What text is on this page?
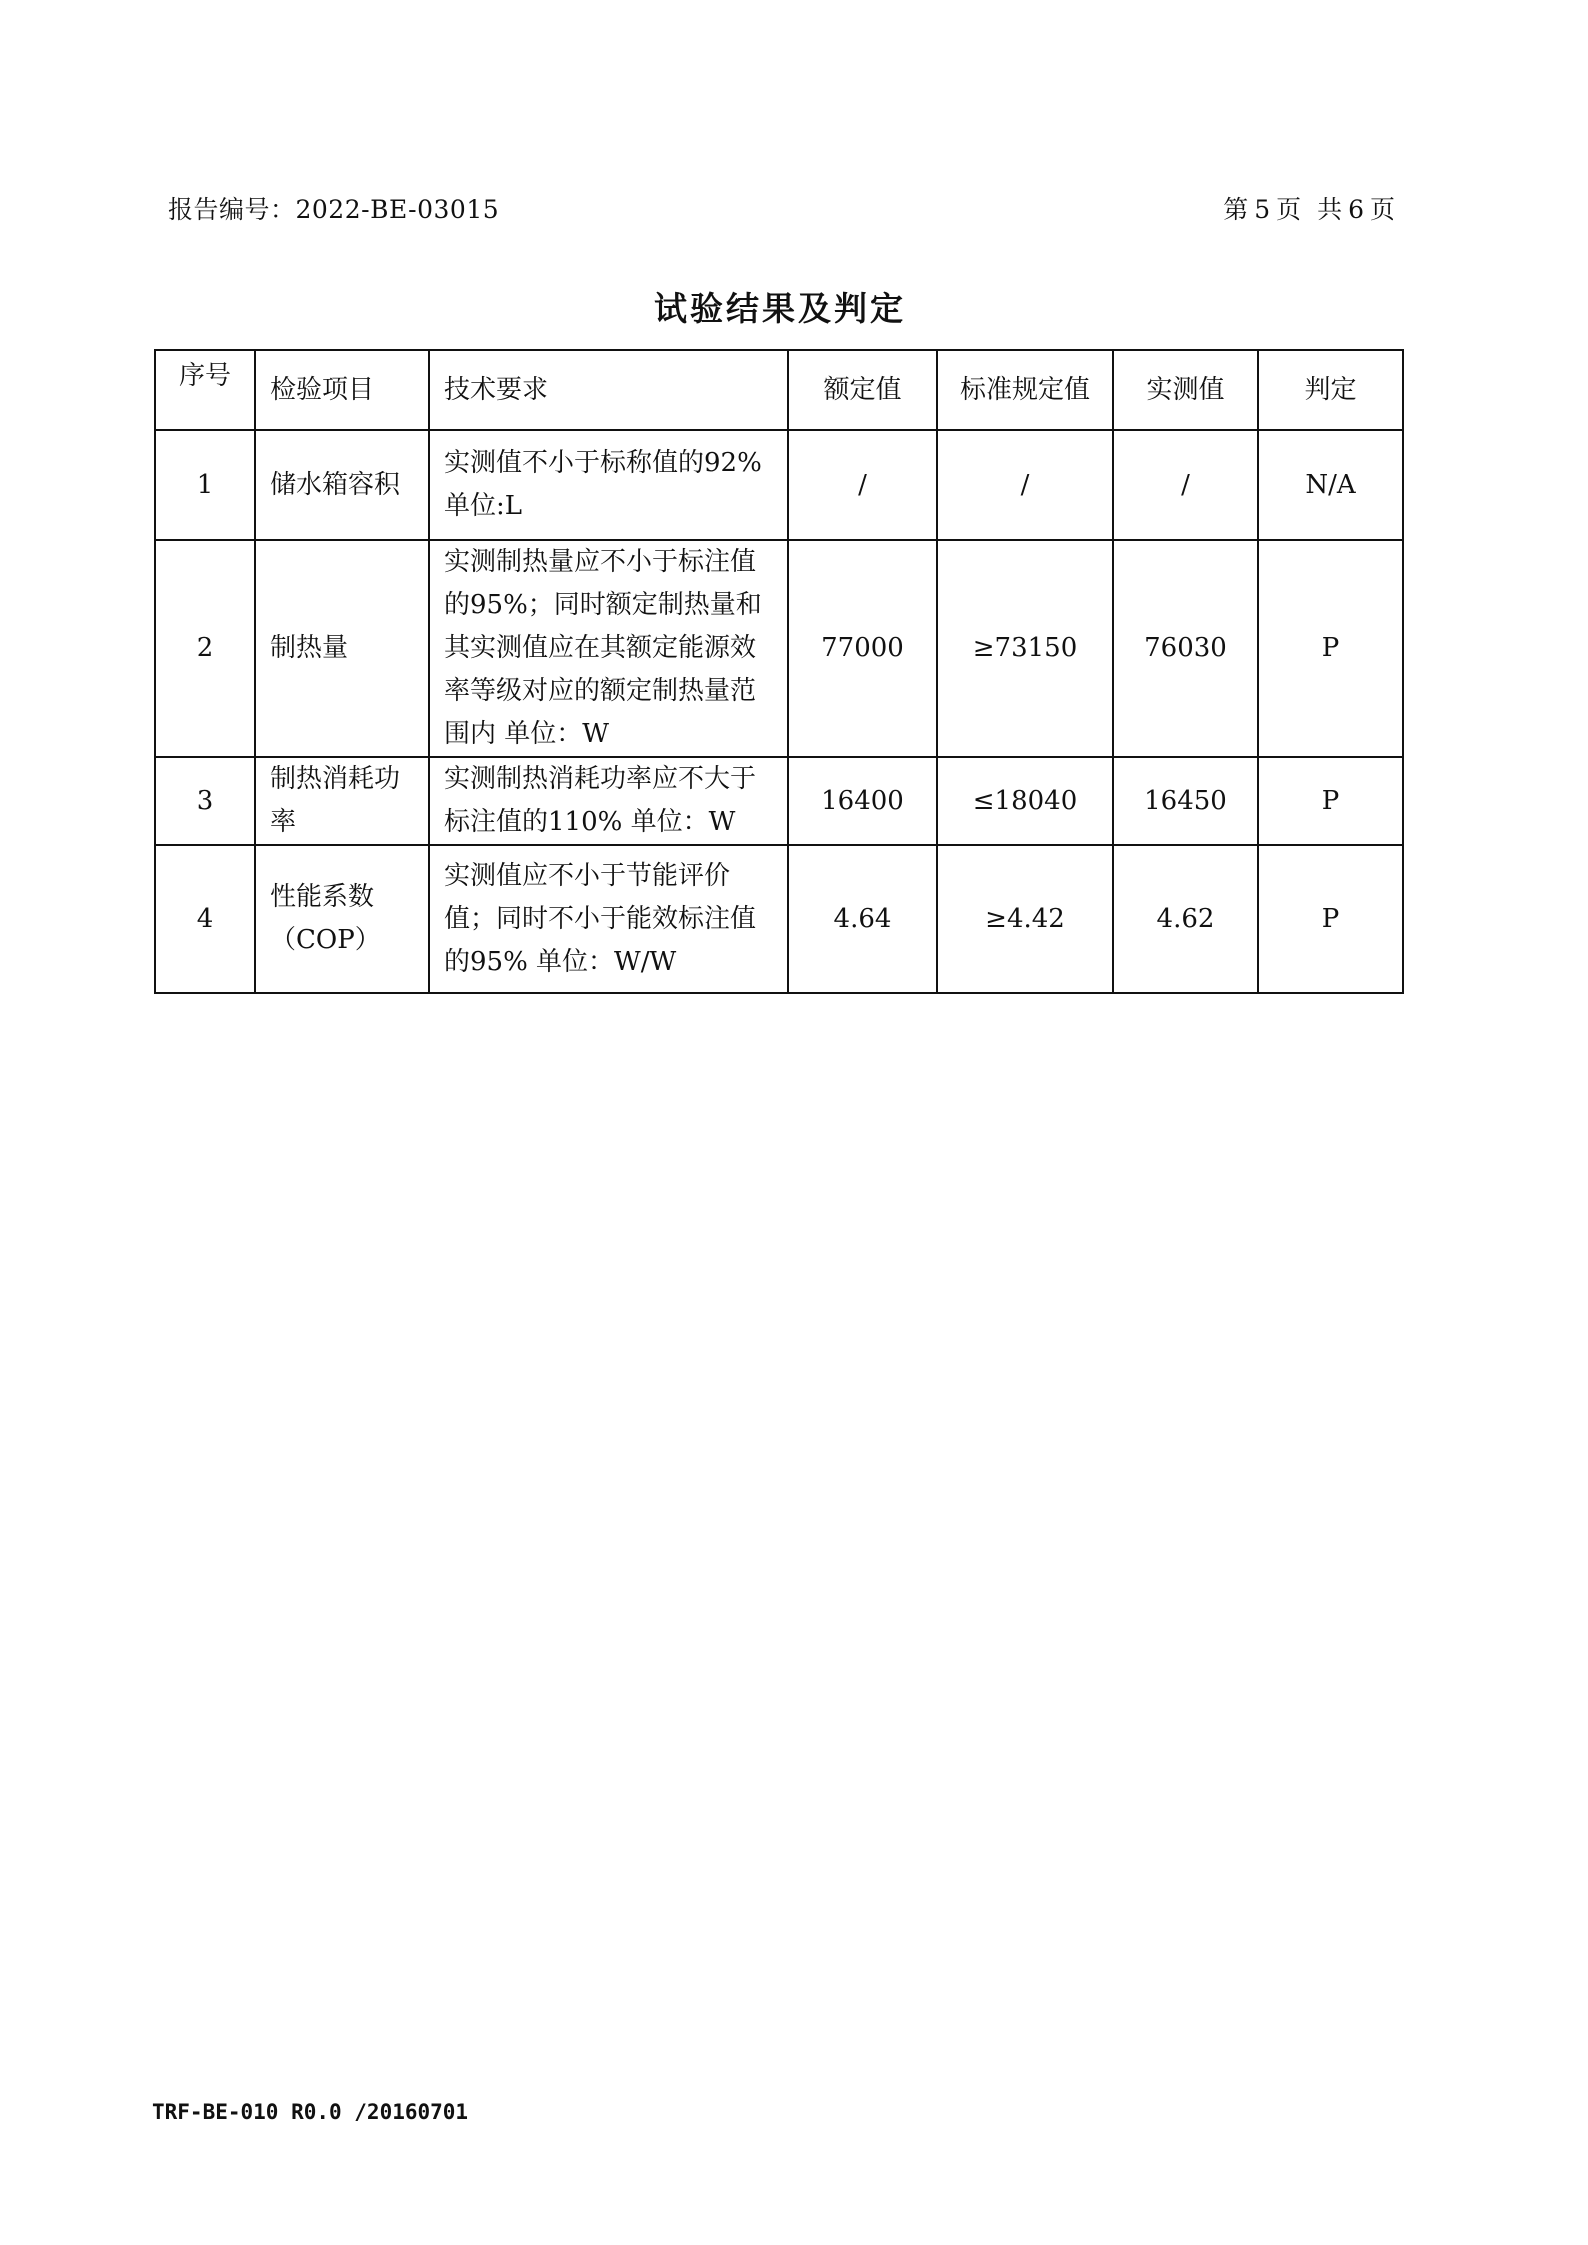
报告编号：2022-BE-03015	第 5 页 共 6 页
试验结果及判定
序号	检验项目	技术要求	额定值	标准规定值	实测值	判定
1	储水箱容积	实测值不小于标称值的92% 单位:L	/	/	/	N/A
2	制热量	实测制热量应不小于标注值的95%；同时额定制热量和其实测值应在其额定能源效率等级对应的额定制热量范围内 单位：W	77000	≥73150	76030	P
3	制热消耗功率	实测制热消耗功率应不大于标注值的110% 单位：W	16400	≤18040	16450	P
4	性能系数（COP）	实测值应不小于节能评价值；同时不小于能效标注值的95% 单位：W/W	4.64	≥4.42	4.62	P
TRF-BE-010 R0.0 /20160701
